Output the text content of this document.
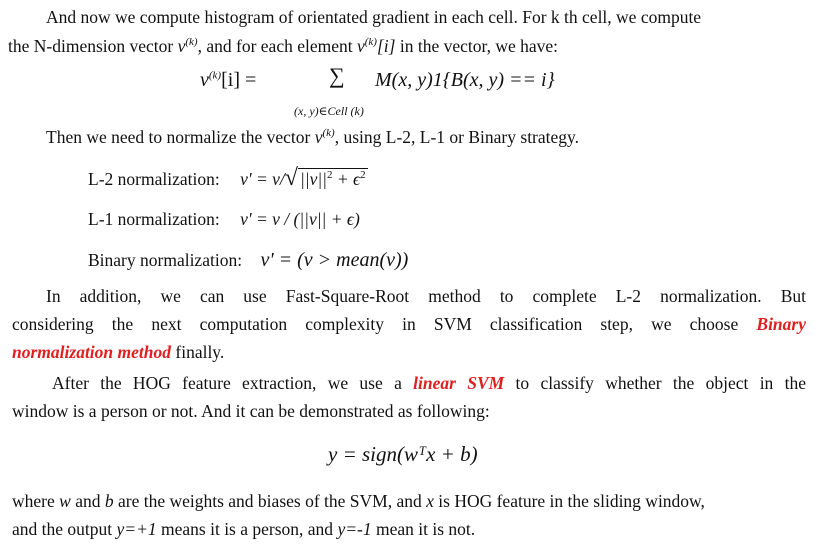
And now we compute histogram of orientated gradient in each cell. For k th cell, we compute
the N-dimension vector $v^{(k)}$, and for each element $v^{(k)}[i]$ in the vector, we have:
$v^{(k)}[i]$ =	∑
(x, y)∈Cell (k)
M(x, y)1{B(x, y) == i}
Then we need to normalize the vector $v^{(k)}$, using L-2, L-1 or Binary strategy.
L-2 normalization: v' = v/√ $||v||^2 + \epsilon^2$
L-1 normalization: v' = v / (||v|| + ϵ)
Binary normalization: v' = (v > mean(v))
In addition, we can use Fast-Square-Root method to complete L-2 normalization. But
considering the next computation complexity in SVM classification step, we choose Binary
normalization method finally.
After the HOG feature extraction, we use a linear SVM to classify whether the object in the
window is a person or not. And it can be demonstrated as following:
y = sign(wᵀx + b)
where w and b are the weights and biases of the SVM, and x is HOG feature in the sliding window,
and the output y=+1 means it is a person, and y=-1 mean it is not.
